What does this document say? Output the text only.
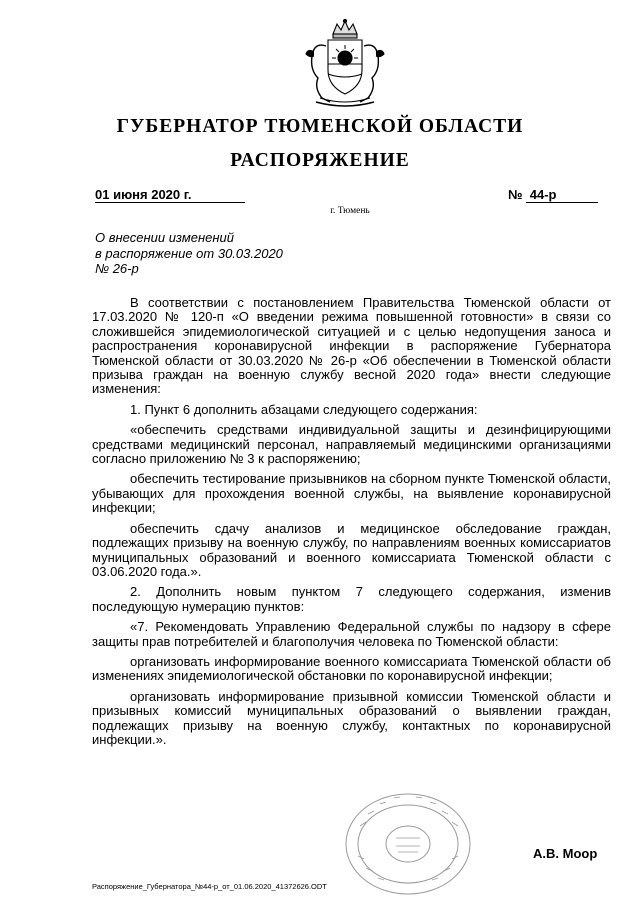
ГУБЕРНАТОР ТЮМЕНСКОЙ ОБЛАСТИ
РАСПОРЯЖЕНИЕ
01 июня 2020 г.	№ 44-р
г. Тюмень
О внесении изменений
в распоряжение от 30.03.2020
№ 26-р

В соответствии с постановлением Правительства Тюменской области от 17.03.2020 № 120-п «О введении режима повышенной готовности» в связи со сложившейся эпидемиологической ситуацией и с целью недопущения заноса и распространения коронавирусной инфекции в распоряжение Губернатора Тюменской области от 30.03.2020 № 26-р «Об обеспечении в Тюменской области призыва граждан на военную службу весной 2020 года» внести следующие изменения:

1. Пункт 6 дополнить абзацами следующего содержания:

«обеспечить средствами индивидуальной защиты и дезинфицирующими средствами медицинский персонал, направляемый медицинскими организациями согласно приложению № 3 к распоряжению;

обеспечить тестирование призывников на сборном пункте Тюменской области, убывающих для прохождения военной службы, на выявление коронавирусной инфекции;

обеспечить сдачу анализов и медицинское обследование граждан, подлежащих призыву на военную службу, по направлениям военных комиссариатов муниципальных образований и военного комиссариата Тюменской области с 03.06.2020 года.».

2. Дополнить новым пунктом 7 следующего содержания, изменив последующую нумерацию пунктов:

«7. Рекомендовать Управлению Федеральной службы по надзору в сфере защиты прав потребителей и благополучия человека по Тюменской области:

организовать информирование военного комиссариата Тюменской области об изменениях эпидемиологической обстановки по коронавирусной инфекции;

организовать информирование призывной комиссии Тюменской области и призывных комиссий муниципальных образований о выявлении граждан, подлежащих призыву на военную службу, контактных по коронавирусной инфекции.».

А.В. Моор
Распоряжение_Губернатора_№44-р_от_01.06.2020_41372626.ODT
